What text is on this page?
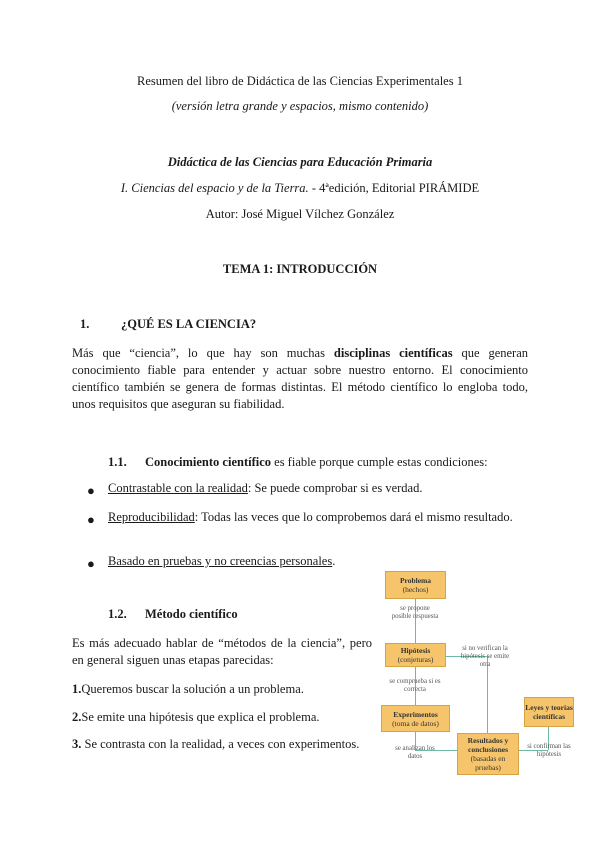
Resumen del libro de Didáctica de las Ciencias Experimentales 1
(versión letra grande y espacios, mismo contenido)
Didáctica de las Ciencias para Educación Primaria
I. Ciencias del espacio y de la Tierra. - 4ªedición, Editorial PIRÁMIDE
Autor: José Miguel Vílchez González
TEMA 1: INTRODUCCIÓN
1.	¿QUÉ ES LA CIENCIA?
Más que “ciencia”, lo que hay son muchas disciplinas científicas que generan conocimiento fiable para entender y actuar sobre nuestro entorno. El conocimiento científico también se genera de formas distintas. El método científico lo engloba todo, unos requisitos que aseguran su fiabilidad.
1.1. Conocimiento científico es fiable porque cumple estas condiciones:
● Contrastable con la realidad: Se puede comprobar si es verdad.
● Reproducibilidad: Todas las veces que lo comprobemos dará el mismo resultado.
● Basado en pruebas y no creencias personales.
1.2. Método científico
Es más adecuado hablar de “métodos de la ciencia”, pero en general siguen unas etapas parecidas:
1.Queremos buscar la solución a un problema.
2.Se emite una hipótesis que explica el problema.
3. Se contrasta con la realidad, a veces con experimentos.
Problema
(hechos)
se propone posible respuesta
Hipótesis
(conjeturas)
si no verifican la hipótesis se emite otra
se comprueba si es correcta
Experimentos
(toma de datos)
se analizan los datos
Resultados y conclusiones
(basadas en pruebas)
si confirman las hipótesis
Leyes y teorías científicas
